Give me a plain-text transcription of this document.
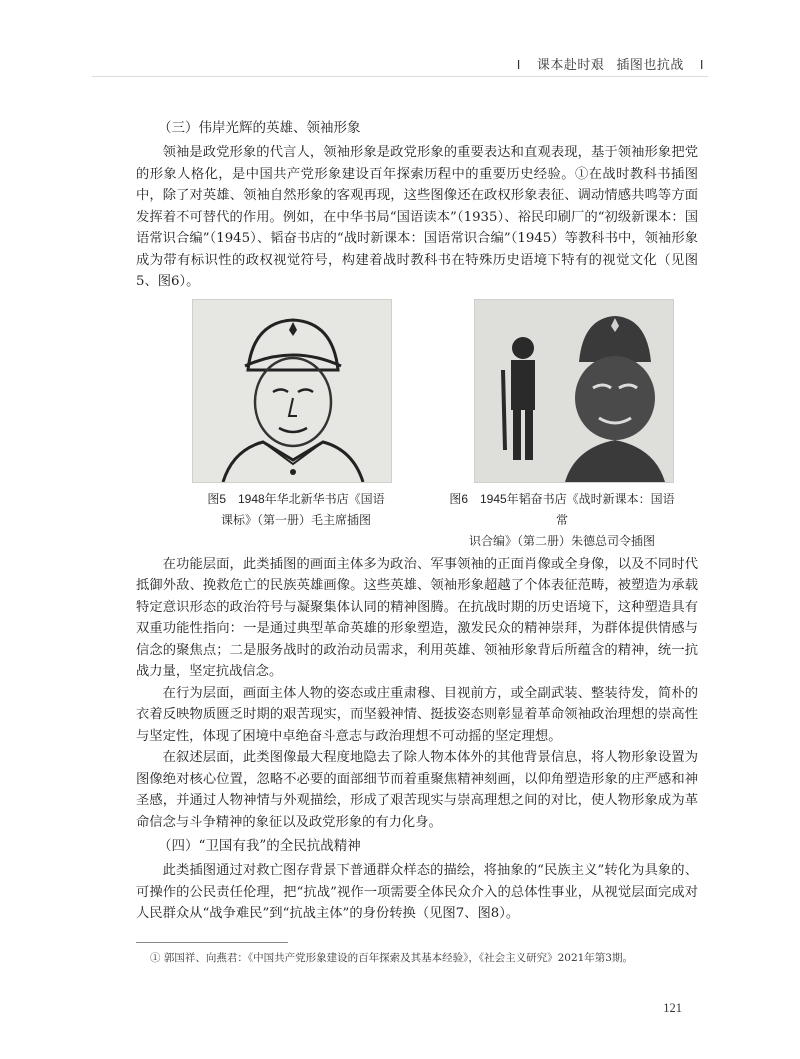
I 课本赴时艰 插图也抗战 I

（三）伟岸光辉的英雄、领袖形象

领袖是政党形象的代言人，领袖形象是政党形象的重要表达和直观表现，基于领袖形象把党的形象人格化，是中国共产党形象建设百年探索历程中的重要历史经验。①在战时教科书插图中，除了对英雄、领袖自然形象的客观再现，这些图像还在政权形象表征、调动情感共鸣等方面发挥着不可替代的作用。例如，在中华书局“国语读本”（1935）、裕民印刷厂的“初级新课本：国语常识合编”（1945）、韬奋书店的“战时新课本：国语常识合编”（1945）等教科书中，领袖形象成为带有标识性的政权视觉符号，构建着战时教科书在特殊历史语境下特有的视觉文化（见图5、图6）。

图5　1948年华北新华书店《国语
课标》（第一册）毛主席插图
图6　1945年韬奋书店《战时新课本：国语常
识合编》（第二册）朱德总司令插图

在功能层面，此类插图的画面主体多为政治、军事领袖的正面肖像或全身像，以及不同时代抵御外敌、挽救危亡的民族英雄画像。这些英雄、领袖形象超越了个体表征范畴，被塑造为承载特定意识形态的政治符号与凝聚集体认同的精神图腾。在抗战时期的历史语境下，这种塑造具有双重功能性指向：一是通过典型革命英雄的形象塑造，激发民众的精神崇拜，为群体提供情感与信念的聚焦点；二是服务战时的政治动员需求，利用英雄、领袖形象背后所蕴含的精神，统一抗战力量，坚定抗战信念。

在行为层面，画面主体人物的姿态或庄重肃穆、目视前方，或全副武装、整装待发，简朴的衣着反映物质匮乏时期的艰苦现实，而坚毅神情、挺拔姿态则彰显着革命领袖政治理想的崇高性与坚定性，体现了困境中卓绝奋斗意志与政治理想不可动摇的坚定理想。

在叙述层面，此类图像最大程度地隐去了除人物本体外的其他背景信息，将人物形象设置为图像绝对核心位置，忽略不必要的面部细节而着重聚焦精神刻画，以仰角塑造形象的庄严感和神圣感，并通过人物神情与外观描绘，形成了艰苦现实与崇高理想之间的对比，使人物形象成为革命信念与斗争精神的象征以及政党形象的有力化身。

（四）“卫国有我”的全民抗战精神

此类插图通过对救亡图存背景下普通群众样态的描绘，将抽象的“民族主义”转化为具象的、可操作的公民责任伦理，把“抗战”视作一项需要全体民众介入的总体性事业，从视觉层面完成对人民群众从“战争难民”到“抗战主体”的身份转换（见图7、图8）。

① 郭国祥、向燕君：《中国共产党形象建设的百年探索及其基本经验》，《社会主义研究》2021年第3期。
121
